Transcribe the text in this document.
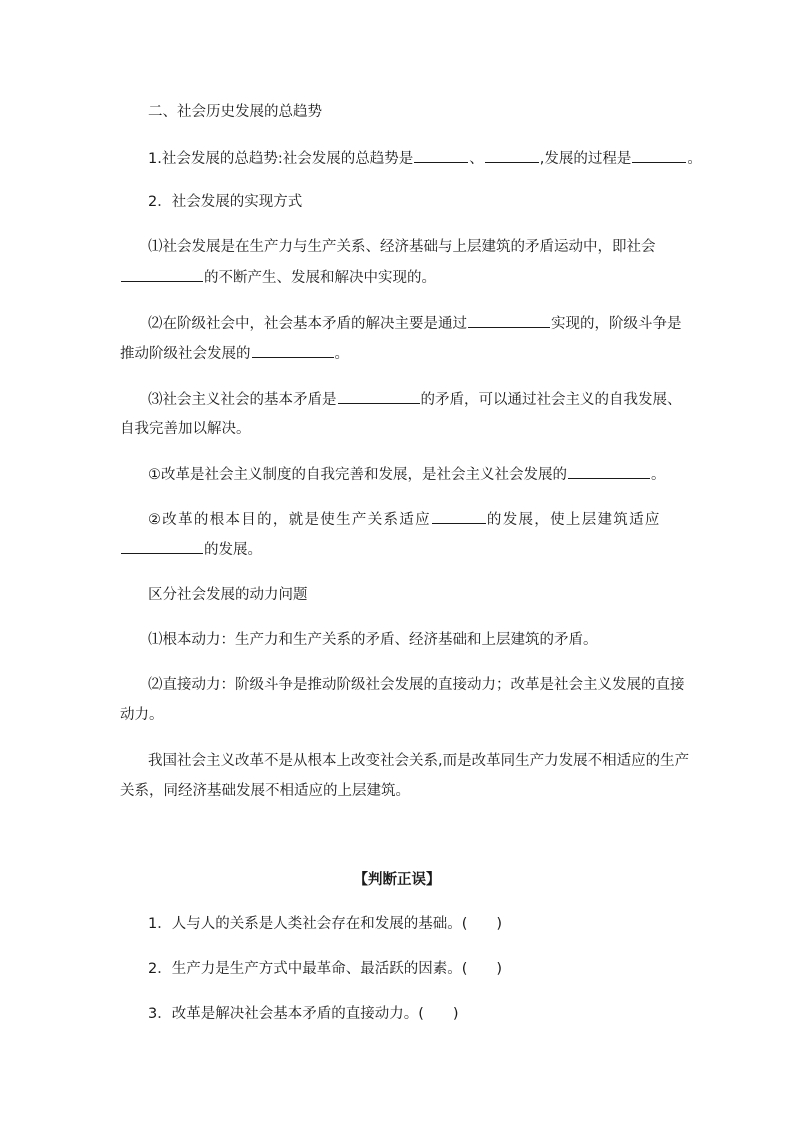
二、社会历史发展的总趋势
1.社会发展的总趋势:社会发展的总趋势是	、	,发展的过程是	。
2．社会发展的实现方式
⑴社会发展是在生产力与生产关系、经济基础与上层建筑的矛盾运动中，即社会
的不断产生、发展和解决中实现的。
⑵在阶级社会中，社会基本矛盾的解决主要是通过	实现的，阶级斗争是
推动阶级社会发展的	。
⑶社会主义社会的基本矛盾是	的矛盾，可以通过社会主义的自我发展、
自我完善加以解决。
①改革是社会主义制度的自我完善和发展，是社会主义社会发展的	。
②改革的根本目的，就是使生产关系适应	的发展，使上层建筑适应
的发展。
区分社会发展的动力问题
⑴根本动力：生产力和生产关系的矛盾、经济基础和上层建筑的矛盾。
⑵直接动力：阶级斗争是推动阶级社会发展的直接动力；改革是社会主义发展的直接
动力。
我国社会主义改革不是从根本上改变社会关系,而是改革同生产力发展不相适应的生产
关系，同经济基础发展不相适应的上层建筑。
【判断正误】
1．人与人的关系是人类社会存在和发展的基础。(　　)
2．生产力是生产方式中最革命、最活跃的因素。(　　)
3．改革是解决社会基本矛盾的直接动力。(　　)
